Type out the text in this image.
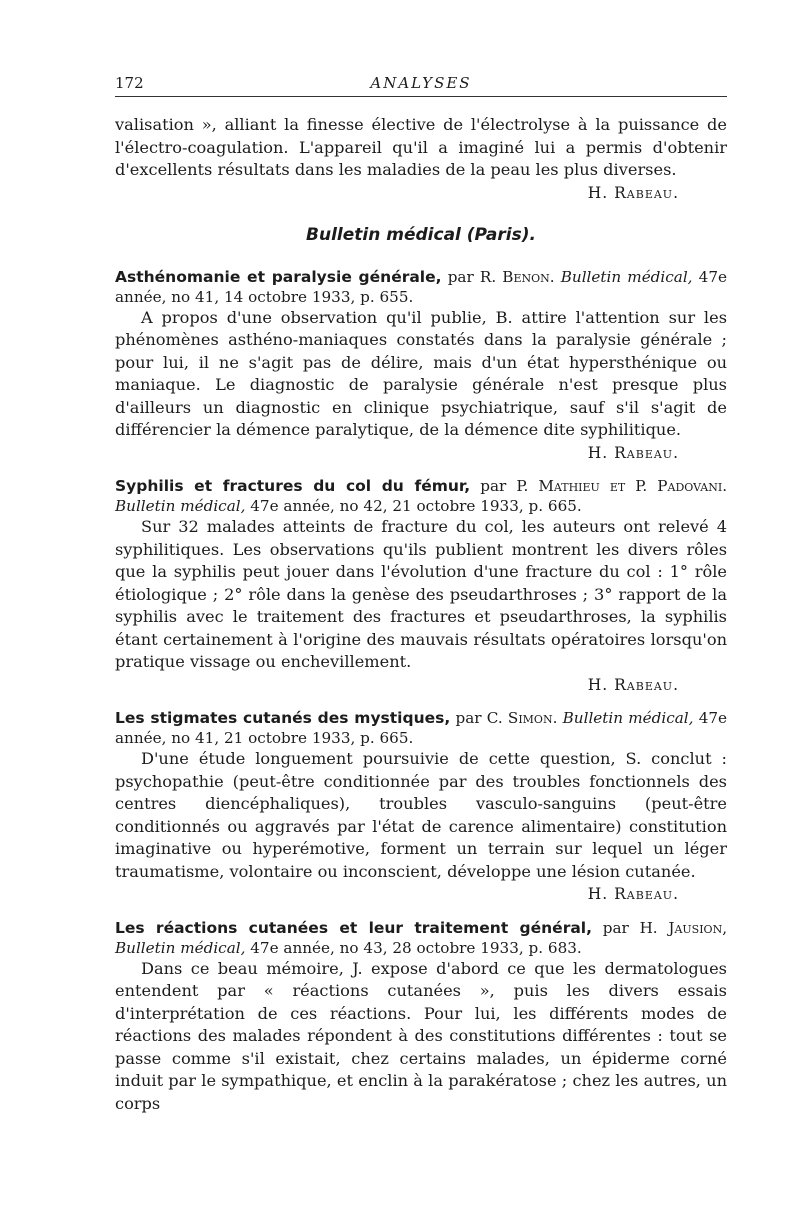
172	ANALYSES

valisation », alliant la finesse élective de l'électrolyse à la puissance de l'électro-coagulation. L'appareil qu'il a imaginé lui a permis d'obtenir d'excellents résultats dans les maladies de la peau les plus diverses.

H. Rabeau.

Bulletin médical (Paris).

Asthénomanie et paralysie générale, par R. Benon. Bulletin médical, 47e année, no 41, 14 octobre 1933, p. 655.

A propos d'une observation qu'il publie, B. attire l'attention sur les phénomènes asthéno-maniaques constatés dans la paralysie générale ; pour lui, il ne s'agit pas de délire, mais d'un état hypersthénique ou maniaque. Le diagnostic de paralysie générale n'est presque plus d'ailleurs un diagnostic en clinique psychiatrique, sauf s'il s'agit de différencier la démence paralytique, de la démence dite syphilitique.

H. Rabeau.

Syphilis et fractures du col du fémur, par P. Mathieu et P. Padovani. Bulletin médical, 47e année, no 42, 21 octobre 1933, p. 665.

Sur 32 malades atteints de fracture du col, les auteurs ont relevé 4 syphilitiques. Les observations qu'ils publient montrent les divers rôles que la syphilis peut jouer dans l'évolution d'une fracture du col : 1° rôle étiologique ; 2° rôle dans la genèse des pseudarthroses ; 3° rapport de la syphilis avec le traitement des fractures et pseudarthroses, la syphilis étant certainement à l'origine des mauvais résultats opératoires lorsqu'on pratique vissage ou enchevillement.

H. Rabeau.

Les stigmates cutanés des mystiques, par C. Simon. Bulletin médical, 47e année, no 41, 21 octobre 1933, p. 665.

D'une étude longuement poursuivie de cette question, S. conclut : psychopathie (peut-être conditionnée par des troubles fonctionnels des centres diencéphaliques), troubles vasculo-sanguins (peut-être conditionnés ou aggravés par l'état de carence alimentaire) constitution imaginative ou hyperémotive, forment un terrain sur lequel un léger traumatisme, volontaire ou inconscient, développe une lésion cutanée.

H. Rabeau.

Les réactions cutanées et leur traitement général, par H. Jausion, Bulletin médical, 47e année, no 43, 28 octobre 1933, p. 683.

Dans ce beau mémoire, J. expose d'abord ce que les dermatologues entendent par « réactions cutanées », puis les divers essais d'interprétation de ces réactions. Pour lui, les différents modes de réactions des malades répondent à des constitutions différentes : tout se passe comme s'il existait, chez certains malades, un épiderme corné induit par le sympathique, et enclin à la parakératose ; chez les autres, un corps
